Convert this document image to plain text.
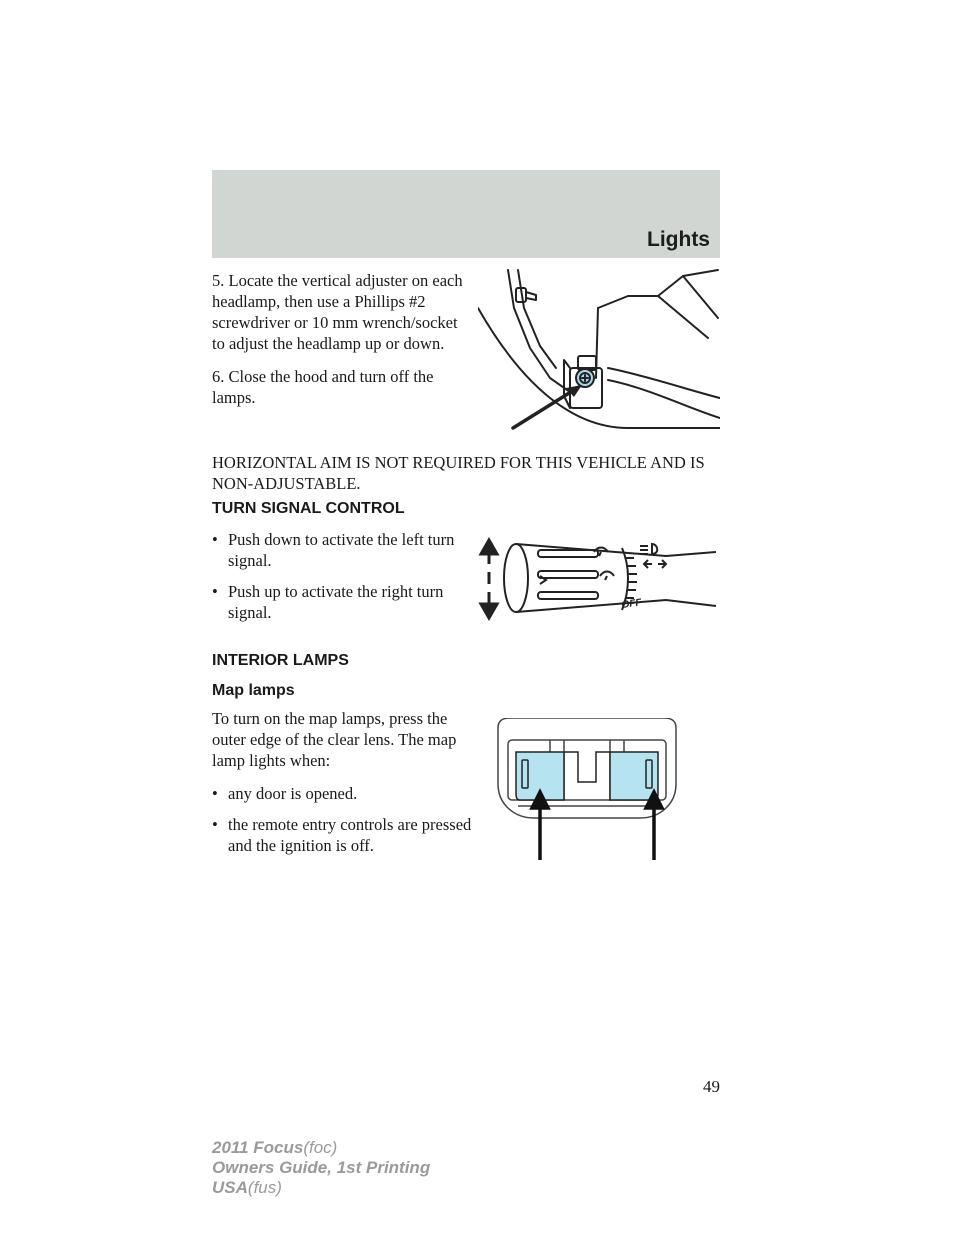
Lights

5. Locate the vertical adjuster on each headlamp, then use a Phillips #2 screwdriver or 10 mm wrench/socket to adjust the headlamp up or down.

6. Close the hood and turn off the lamps.

HORIZONTAL AIM IS NOT REQUIRED FOR THIS VEHICLE AND IS NON-ADJUSTABLE.
TURN SIGNAL CONTROL
• Push down to activate the left turn signal.
• Push up to activate the right turn signal.	OFF
INTERIOR LAMPS
Map lamps

To turn on the map lamps, press the outer edge of the clear lens. The map lamp lights when:

• any door is opened.
• the remote entry controls are pressed and the ignition is off.
49
2011 Focus(foc)
Owners Guide, 1st Printing
USA(fus)
